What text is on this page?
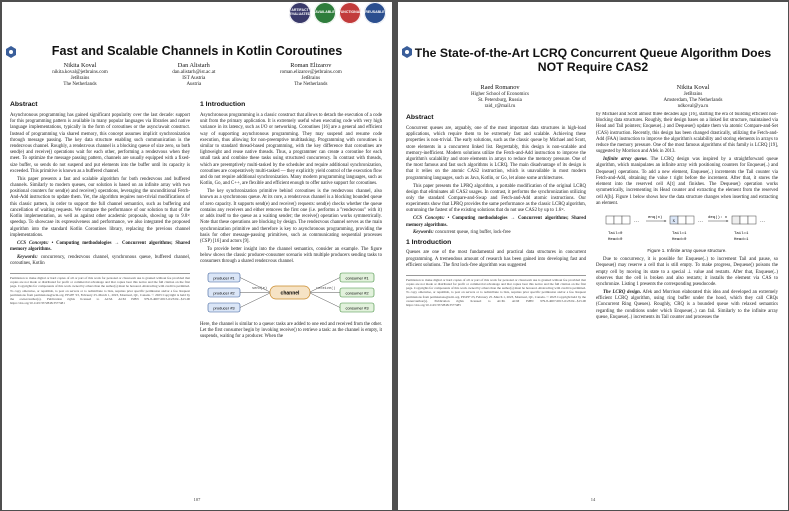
ARTIFACT EVALUATED	AVAILABLE	FUNCTIONAL	REUSABLE
Fast and Scalable Channels in Kotlin Coroutines
Nikita Koval
nikita.koval@jetbrains.com
JetBrains
The Netherlands
Dan Alistarh
dan.alistarh@ist.ac.at
IST Austria
Austria
Roman Elizarov
roman.elizarov@jetbrains.com
JetBrains
The Netherlands
Abstract

Asynchronous programming has gained significant popularity over the last decade: support for this programming pattern is available in many popular languages via libraries and native language implementations, typically in the form of coroutines or the async/await construct. Instead of programming via shared memory, this concept assumes implicit synchronization through message passing. The key data structure enabling such communication is the rendezvous channel. Roughly, a rendezvous channel is a blocking queue of size zero, so both send(e) and receive() operations wait for each other, performing a rendezvous when they meet. To optimize the message passing pattern, channels are usually equipped with a fixed-size buffer, so sends do not suspend and put elements into the buffer until its capacity is exceeded. This primitive is known as a buffered channel.

This paper presents a fast and scalable algorithm for both rendezvous and buffered channels. Similarly to modern queues, our solution is based on an infinite array with two positional counters for send(e) and receive() operations, leveraging the unconditional Fetch-And-Add instruction to update them. Yet, the algorithm requires non-trivial modifications of this classic pattern, in order to support the full channel semantics, such as buffering and cancellation of waiting requests. We compare the performance of our solution to that of the Kotlin implementation, as well as against other academic proposals, showing up to 9.8× speedup. To showcase its expressiveness and performance, we also integrated the proposed algorithm into the standard Kotlin Coroutines library, replacing the previous channel implementations.

CCS Concepts: • Computing methodologies → Concurrent algorithms; Shared memory algorithms.

Keywords: concurrency, rendezvous channel, synchronous queue, buffered channel, coroutines, Kotlin

Permission to make digital or hard copies of all or part of this work for personal or classroom use is granted without fee provided that copies are not made or distributed for profit or commercial advantage and that copies bear this notice and the full citation on the first page. Copyrights for components of this work owned by others than the author(s) must be honored. Abstracting with credit is permitted. To copy otherwise, or republish, to post on servers or to redistribute to lists, requires prior specific permission and/or a fee. Request permissions from permissions@acm.org. PPoPP '23, February 25–March 1, 2023, Montreal, QC, Canada. © 2023 Copyright is held by the owner/author(s). Publication rights licensed to ACM. ACM ISBN 979-8-4007-0015-6/23/02...$15.00 https://doi.org/10.1145/3572848.3577481
1 Introduction

Asynchronous programming is a classic construct that allows to detach the execution of a code unit from the primary application. It is extremely useful when executing code with very high variance in its latency, such as I/O or networking. Coroutines [16] are a general and efficient way of supporting asynchronous programming. They may suspend and resume code execution, thus allowing for non-preemptive multitasking. Programming with coroutines is similar to standard thread-based programming, with the key difference that coroutines are lightweight and reuse native threads. Thus, a programmer can create a coroutine for each small task and combine these tasks using structured concurrency. In contrast with threads, which are preemptively multi-tasked by the scheduler and require additional synchronization, coroutines are cooperatively multi-tasked — they explicitly yield control of the execution flow and do not require additional synchronization. Many modern programming languages, such as Kotlin, Go, and C++, are flexible and efficient enough to offer native support for coroutines.

The key synchronization primitive behind coroutines is the rendezvous channel, also known as a synchronous queue. At its core, a rendezvous channel is a blocking bounded queue of zero capacity. It supports send(e) and receive() requests: send(e) checks whether the queue contains any receivers and either removes the first one (i.e. performs a "rendezvous" with it) or adds itself to the queue as a waiting sender; the receive() operation works symmetrically. Note that these operations are blocking by design. The rendezvous channel serves as the main synchronization primitive and therefore is key to asynchronous programming, providing the basis for other message-passing primitives, such as communicating sequential processes (CSP) [16] and actors [9].

To provide better insight into the channel semantics, consider an example. The figure below shows the classic producer-consumer scenario with multiple producers sending tasks to consumers through a shared rendezvous channel.

producer #1
producer #2
producer #3
send(e)
channel
receive()
consumer #1
consumer #2
consumer #3

Here, the channel is similar to a queue: tasks are added to one end and received from the other. Let the first consumer begin by invoking receive() to retrieve a task: as the channel is empty, it suspends, waiting for a producer. When the

107
The State-of-the-Art LCRQ Concurrent Queue Algorithm Does NOT Require CAS2
Raed Romanov
Higher School of Economics
St. Petersburg, Russia
raid_r@mail.ru
Nikita Koval
JetBrains
Amsterdam, The Netherlands
ndkoval@ya.ru
Abstract

Concurrent queues are, arguably, one of the most important data structures in high-load applications, which require them to be extremely fast and scalable. Achieving these properties is non-trivial. The early solutions, such as the classic queue by Michael and Scott, store elements in a concurrent linked list. Regrettably, this design is non-scalable and memory-inefficient. Modern solutions utilize the Fetch-and-Add instruction to improve the algorithm's scalability and store elements in arrays to reduce the memory pressure. One of the most famous and fast such algorithms is LCRQ. The main disadvantage of its design is that it relies on the atomic CAS2 instruction, which is unavailable in most modern programming languages, such as Java, Kotlin, or Go, let alone some architectures.

This paper presents the LPRQ algorithm, a portable modification of the original LCRQ design that eliminates all CAS2 usages. In contrast, it performs the synchronization utilizing only the standard Compare-and-Swap and Fetch-and-Add atomic instructions. Our experiments show that LPRQ provides the same performance as the classic LCRQ algorithm, outrunning the fastest of the existing solutions that do not use CAS2 by up to 1.6×.

CCS Concepts: • Computing methodologies → Concurrent algorithms; Shared memory algorithms.

Keywords: concurrent queue, ring buffer, lock-free

1 Introduction

Queues are one of the most fundamental and practical data structures in concurrent programming. A tremendous amount of research has been gained into developing fast and efficient solutions. The first lock-free algorithm was suggested

Permission to make digital or hard copies of all or part of this work for personal or classroom use is granted without fee provided that copies are not made or distributed for profit or commercial advantage and that copies bear this notice and the full citation on the first page. Copyrights for components of this work owned by others than the author(s) must be honored. Abstracting with credit is permitted. To copy otherwise, or republish, to post on servers or to redistribute to lists, requires prior specific permission and/or a fee. Request permissions from permissions@acm.org. PPoPP '23, February 25–March 1, 2023, Montreal, QC, Canada. © 2023 Copyright held by the owner/author(s). Publication rights licensed to ACM. ACM ISBN 979-8-4007-0015-6/23/02...$15.00 https://doi.org/10.1145/3572848.3577485

by Michael and Scott almost three decades ago [16], starting the era of building efficient non-blocking data structures. Roughly, their design bases on a linked list structure, maintained via Head and Tail pointers; Enqueue(..) and Dequeue() update them via atomic Compare-and-Set (CAS) instruction. Recently, this design has been changed drastically, utilizing the Fetch-and-Add (FAA) instruction to improve the algorithm's scalability and storing elements in arrays to reduce the memory pressure. One of the most famous algorithms of this family is LCRQ [19], suggested by Morrison and Afek in 2013.

Infinite array queue. The LCRQ design was inspired by a straightforward queue algorithm, which manipulates an infinite array with positioning counters for Enqueue(..) and Dequeue() operations. To add a new element, Enqueue(..) increments the Tail counter via Fetch-and-Add, obtaining the value t right before the increment. After that, it stores the element into the reserved cell A[t] and finishes. The Dequeue() operation works symmetrically, incrementing its Head counter and extracting the element from the reserved cell A[h]. Figure 1 below shows how the data structure changes when inserting and extracting an element.

…
Tail=0
Head=0
enq(x)
x	…
Tail=1
Head=0
deq(): x
…
Tail=1
Head=1
Figure 1. Infinite array queue structure.

Due to concurrency, it is possible for Enqueue(..) to increment Tail and pause, so Dequeue() may reserve a cell that is still empty. To make progress, Dequeue() poisons the empty cell by moving its state to a special ⊥ value and restarts. After that, Enqueue(..) observes that the cell is broken and also restarts; it installs the element via CAS to synchronize. Listing 1 presents the corresponding pseudocode.

The LCRQ design. Afek and Morrison elaborated this idea and developed an extremely efficient LCRQ algorithm, using ring buffer under the hood, which they call CRQs (Concurrent Ring Queues). Roughly, CRQ is a bounded queue with relaxed semantics regarding the conditions under which Enqueue(..) can fail. Similarly to the infinite array queue, Enqueue(..) increments its Tail counter and processes the

14
